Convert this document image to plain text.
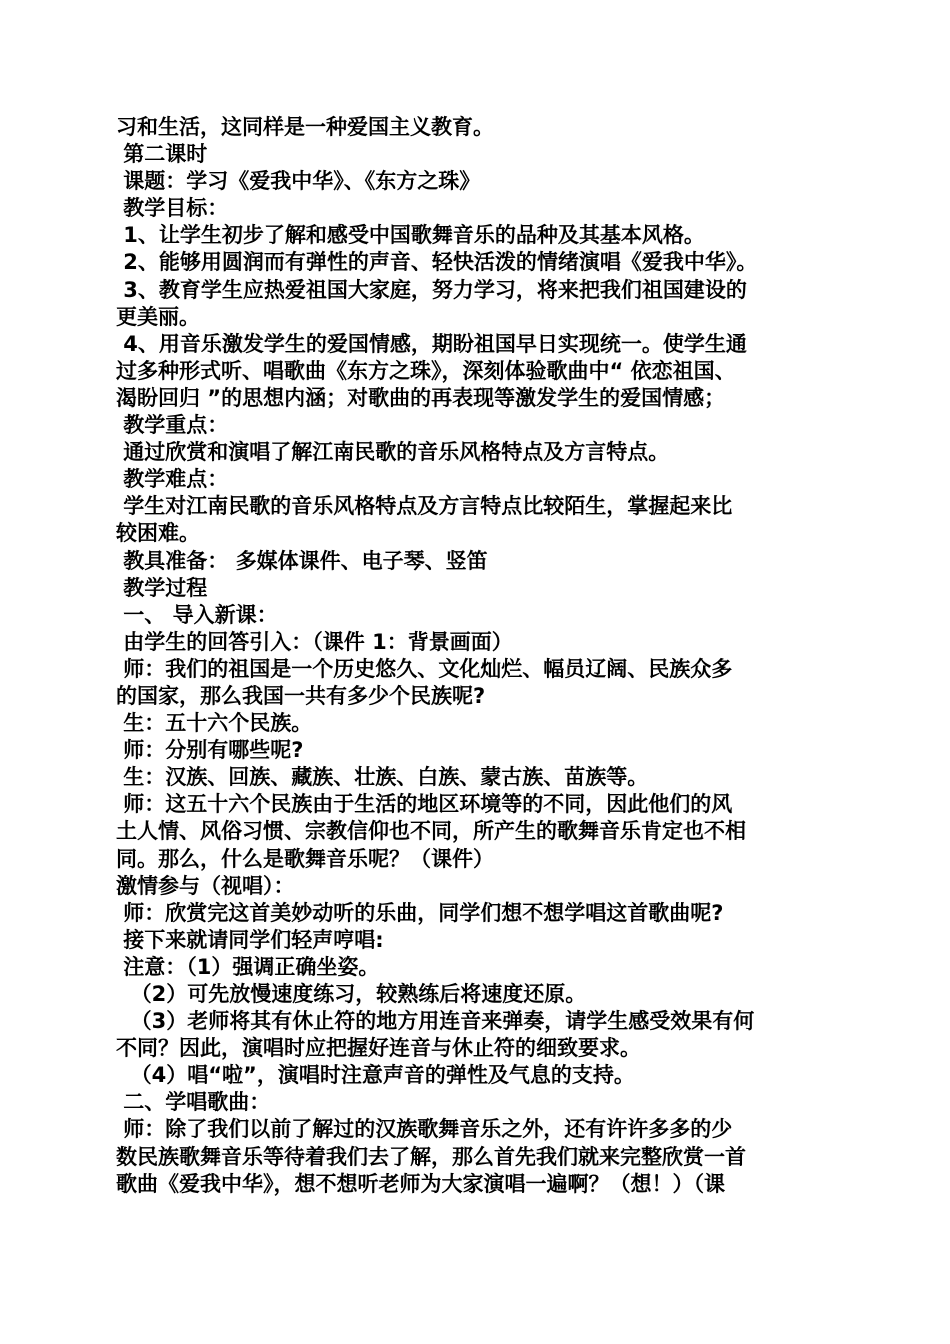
习和生活，这同样是一种爱国主义教育。
第二课时
课题：学习《爱我中华》、《东方之珠》
教学目标：
1、让学生初步了解和感受中国歌舞音乐的品种及其基本风格。
2、能够用圆润而有弹性的声音、轻快活泼的情绪演唱《爱我中华》。
3、教育学生应热爱祖国大家庭，努力学习，将来把我们祖国建设的
更美丽。
4、用音乐激发学生的爱国情感，期盼祖国早日实现统一。使学生通
过多种形式听、唱歌曲《东方之珠》，深刻体验歌曲中“ 依恋祖国、
渴盼回归 ”的思想内涵；对歌曲的再表现等激发学生的爱国情感；
教学重点：
通过欣赏和演唱了解江南民歌的音乐风格特点及方言特点。
教学难点：
学生对江南民歌的音乐风格特点及方言特点比较陌生，掌握起来比
较困难。
教具准备： 多媒体课件、电子琴、竖笛
教学过程
一、 导入新课：
由学生的回答引入：（课件 1：背景画面）
师：我们的祖国是一个历史悠久、文化灿烂、幅员辽阔、民族众多
的国家，那么我国一共有多少个民族呢?
生：五十六个民族。
师：分别有哪些呢?
生：汉族、回族、藏族、壮族、白族、蒙古族、苗族等。
师：这五十六个民族由于生活的地区环境等的不同，因此他们的风
土人情、风俗习惯、宗教信仰也不同，所产生的歌舞音乐肯定也不相
同。那么，什么是歌舞音乐呢？（课件）
激情参与（视唱）：
师：欣赏完这首美妙动听的乐曲，同学们想不想学唱这首歌曲呢?
接下来就请同学们轻声哼唱:
注意：（1）强调正确坐姿。
（2）可先放慢速度练习，较熟练后将速度还原。
（3）老师将其有休止符的地方用连音来弹奏，请学生感受效果有何
不同？因此，演唱时应把握好连音与休止符的细致要求。
（4）唱“啦”，演唱时注意声音的弹性及气息的支持。
二、学唱歌曲：
师：除了我们以前了解过的汉族歌舞音乐之外，还有许许多多的少
数民族歌舞音乐等待着我们去了解，那么首先我们就来完整欣赏一首
歌曲《爱我中华》，想不想听老师为大家演唱一遍啊？（想！）（课
